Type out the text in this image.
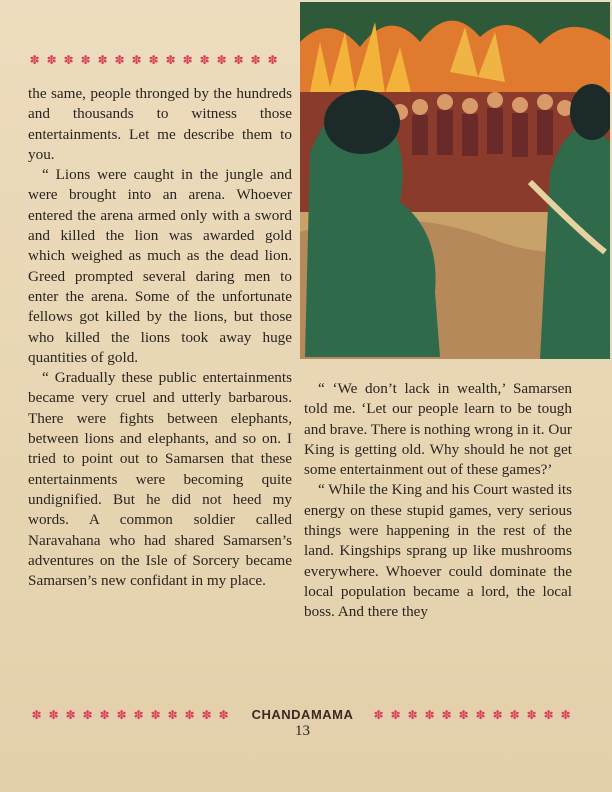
✽ ✽ ✽ ✽ ✽ ✽ ✽ ✽ ✽ ✽ ✽ ✽ ✽ ✽ ✽

the same, people thronged by the hundreds and thousands to witness those entertainments. Let me describe them to you.

“ Lions were caught in the jungle and were brought into an arena. Whoever entered the arena armed only with a sword and killed the lion was awarded gold which weighed as much as the dead lion. Greed prompted several daring men to enter the arena. Some of the unfortunate fellows got killed by the lions, but those who killed the lions took away huge quantities of gold.

“ Gradually these public entertainments became very cruel and utterly barbarous. There were fights between elephants, between lions and elephants, and so on. I tried to point out to Samarsen that these entertainments were becoming quite undignified. But he did not heed my words. A common soldier called Naravahana who had shared Samarsen’s adventures on the Isle of Sorcery became Samarsen’s new confidant in my place.

“ ‘We don’t lack in wealth,’ Samarsen told me. ‘Let our people learn to be tough and brave. There is nothing wrong in it. Our King is getting old. Why should he not get some entertainment out of these games?’

“ While the King and his Court wasted its energy on these stupid games, very serious things were happening in the rest of the land. Kingships sprang up like mushrooms everywhere. Whoever could dominate the local population became a lord, the local boss. And there they

✽ ✽ ✽ ✽ ✽ ✽ ✽ ✽ ✽ ✽ ✽ ✽	CHANDAMAMA	✽ ✽ ✽ ✽ ✽ ✽ ✽ ✽ ✽ ✽ ✽ ✽
13
